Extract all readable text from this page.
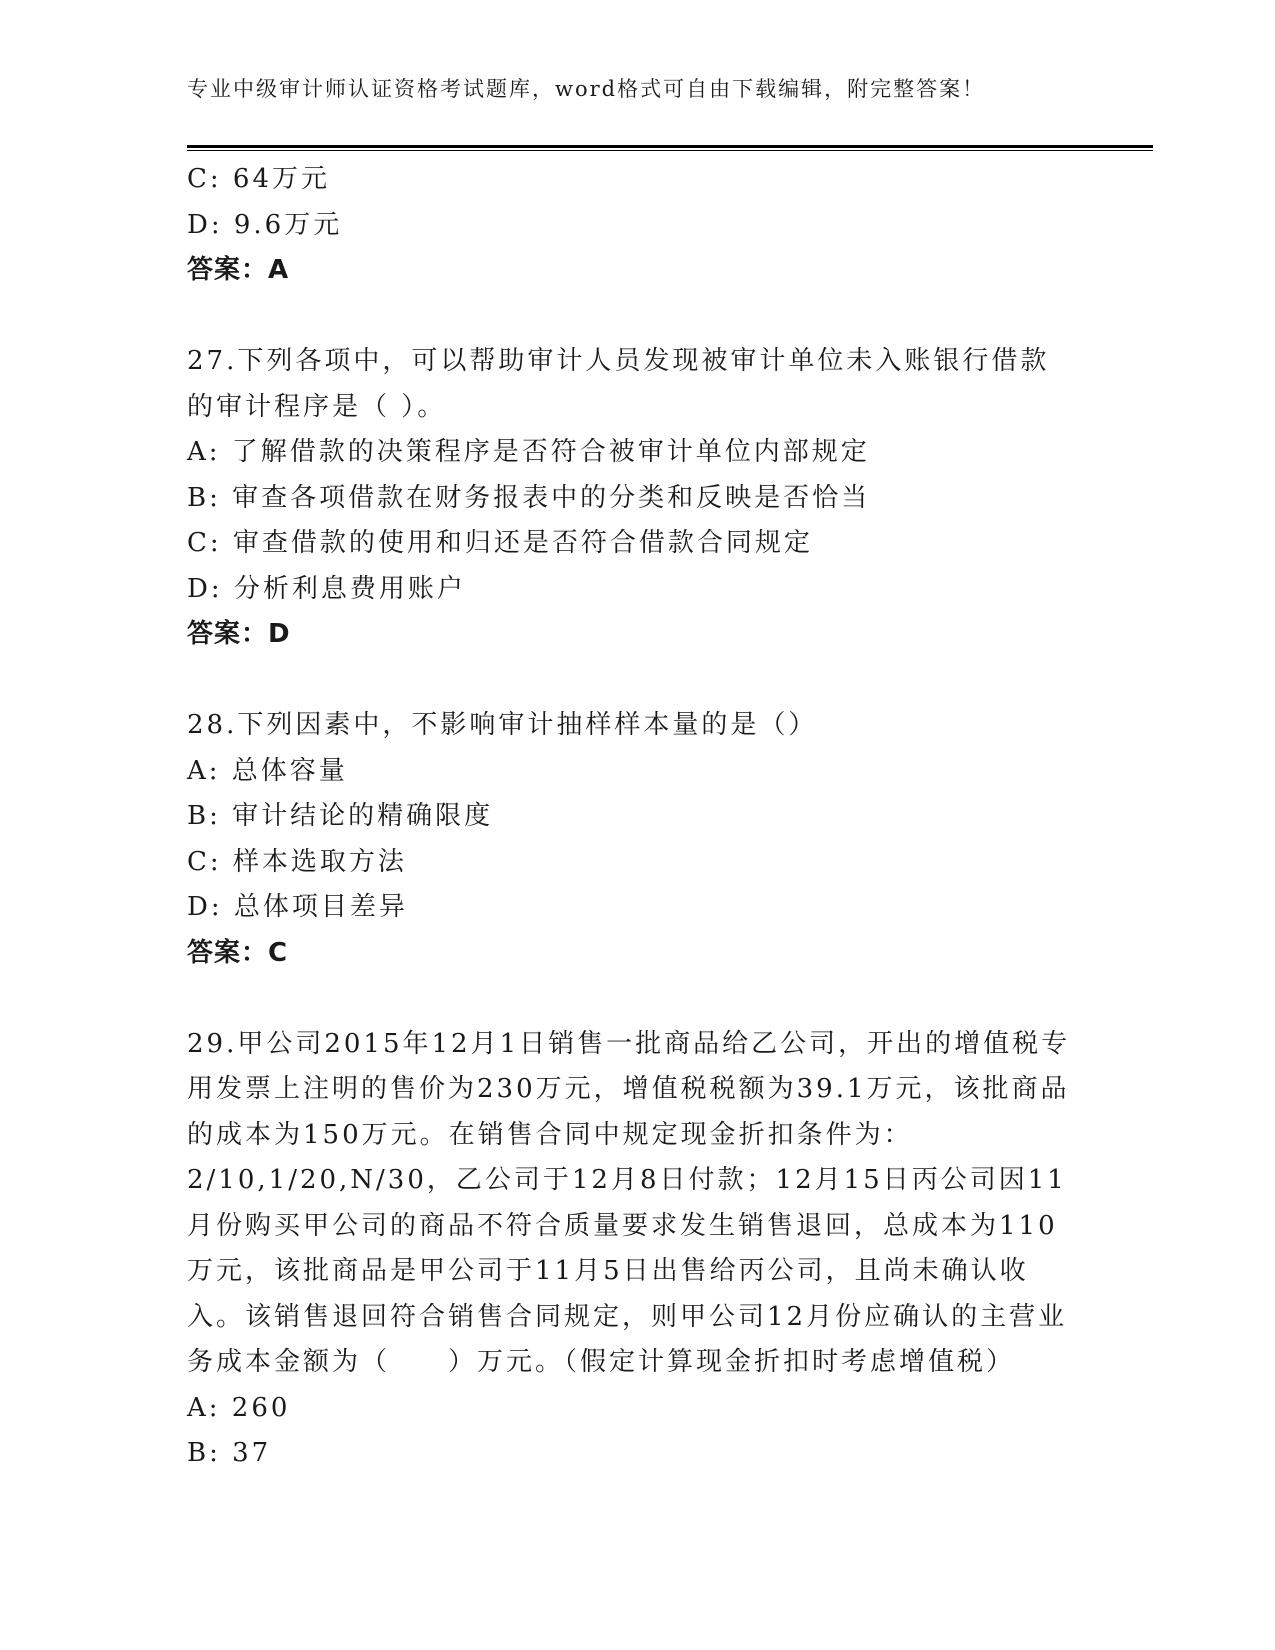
专业中级审计师认证资格考试题库，word格式可自由下载编辑，附完整答案！

C: 64万元

D: 9.6万元

答案：A

27.下列各项中，可以帮助审计人员发现被审计单位未入账银行借款的审计程序是（ ）。

A: 了解借款的决策程序是否符合被审计单位内部规定

B: 审查各项借款在财务报表中的分类和反映是否恰当

C: 审查借款的使用和归还是否符合借款合同规定

D: 分析利息费用账户

答案：D

28.下列因素中，不影响审计抽样样本量的是（）

A: 总体容量

B: 审计结论的精确限度

C: 样本选取方法

D: 总体项目差异

答案：C

29.甲公司2015年12月1日销售一批商品给乙公司，开出的增值税专用发票上注明的售价为230万元，增值税税额为39.1万元，该批商品的成本为150万元。在销售合同中规定现金折扣条件为：2/10,1/20,N/30，乙公司于12月8日付款；12月15日丙公司因11月份购买甲公司的商品不符合质量要求发生销售退回，总成本为110万元，该批商品是甲公司于11月5日出售给丙公司，且尚未确认收入。该销售退回符合销售合同规定，则甲公司12月份应确认的主营业务成本金额为（　　）万元。（假定计算现金折扣时考虑增值税）

A: 260

B: 37
